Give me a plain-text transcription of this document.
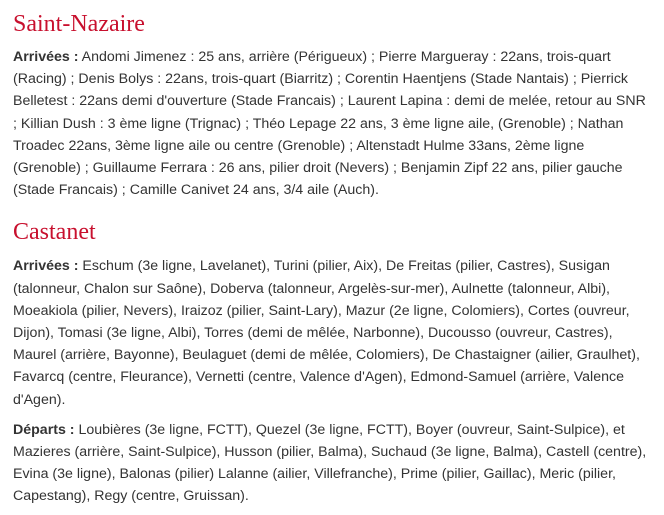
Saint-Nazaire

Arrivées : Andomi Jimenez : 25 ans, arrière (Périgueux) ; Pierre Margueray : 22ans, trois-quart (Racing) ; Denis Bolys : 22ans, trois-quart (Biarritz) ; Corentin Haentjens (Stade Nantais) ; Pierrick Belletest : 22ans demi d'ouverture (Stade Francais) ; Laurent Lapina : demi de melée, retour au SNR ; Killian Dush : 3 ème ligne (Trignac) ; Théo Lepage 22 ans, 3 ème ligne aile, (Grenoble) ; Nathan Troadec 22ans, 3ème ligne aile ou centre (Grenoble) ; Altenstadt Hulme 33ans, 2ème ligne (Grenoble) ; Guillaume Ferrara : 26 ans, pilier droit (Nevers) ; Benjamin Zipf 22 ans, pilier gauche (Stade Francais) ; Camille Canivet 24 ans, 3/4 aile (Auch).

Castanet

Arrivées : Eschum (3e ligne, Lavelanet), Turini (pilier, Aix), De Freitas (pilier, Castres), Susigan (talonneur, Chalon sur Saône), Doberva (talonneur, Argelès-sur-mer), Aulnette (talonneur, Albi), Moeakiola (pilier, Nevers), Iraizoz (pilier, Saint-Lary), Mazur (2e ligne, Colomiers), Cortes (ouvreur, Dijon), Tomasi (3e ligne, Albi), Torres (demi de mêlée, Narbonne), Ducousso (ouvreur, Castres), Maurel (arrière, Bayonne), Beulaguet (demi de mêlée, Colomiers), De Chastaigner (ailier, Graulhet), Favarcq (centre, Fleurance), Vernetti (centre, Valence d'Agen), Edmond-Samuel (arrière, Valence d'Agen).

Départs : Loubières (3e ligne, FCTT), Quezel (3e ligne, FCTT), Boyer (ouvreur, Saint-Sulpice), et Mazieres (arrière, Saint-Sulpice), Husson (pilier, Balma), Suchaud (3e ligne, Balma), Castell (centre), Evina (3e ligne), Balonas (pilier) Lalanne (ailier, Villefranche), Prime (pilier, Gaillac), Meric (pilier, Capestang), Regy (centre, Gruissan).
